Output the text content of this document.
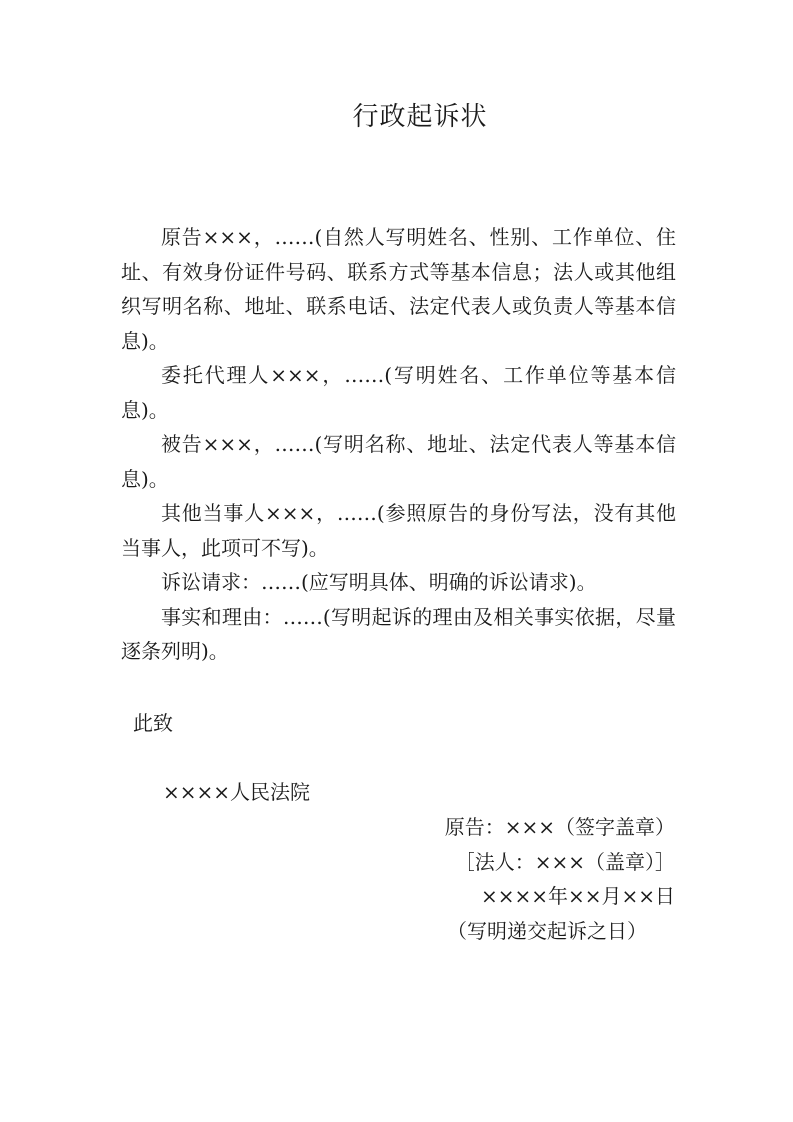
行政起诉状

原告×××，……(自然人写明姓名、性别、工作单位、住址、有效身份证件号码、联系方式等基本信息；法人或其他组织写明名称、地址、联系电话、法定代表人或负责人等基本信息)。

委托代理人×××，……(写明姓名、工作单位等基本信息)。

被告×××，……(写明名称、地址、法定代表人等基本信息)。

其他当事人×××，……(参照原告的身份写法，没有其他当事人，此项可不写)。

诉讼请求：……(应写明具体、明确的诉讼请求)。

事实和理由：……(写明起诉的理由及相关事实依据，尽量逐条列明)。

此致
××××人民法院
原告：×××（签字盖章）
［法人：×××（盖章）］
××××年××月××日
（写明递交起诉之日）
